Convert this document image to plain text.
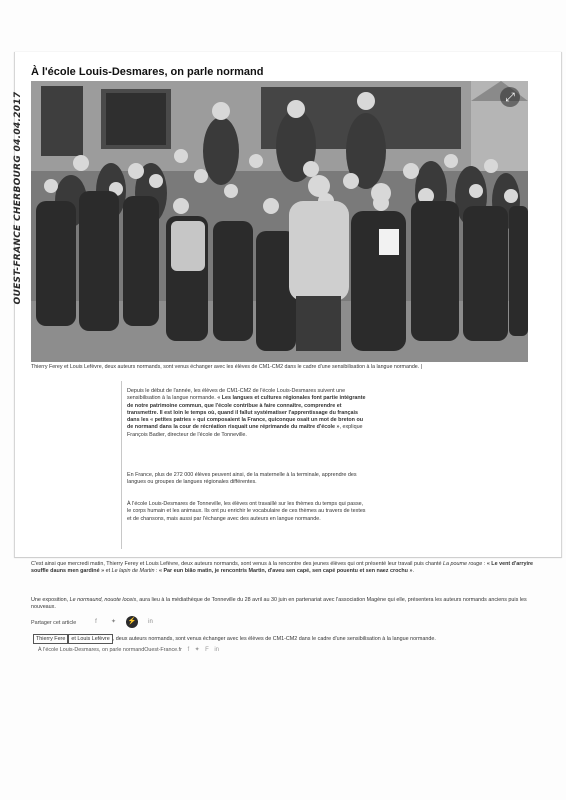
OUEST-FRANCE CHERBOURG 04.04.2017
À l'école Louis-Desmares, on parle normand
⤢
Thierry Ferey et Louis Lefèvre, deux auteurs normands, sont venus échanger avec les élèves de CM1-CM2 dans le cadre d'une sensibilisation à la langue normande. |

Depuis le début de l'année, les élèves de CM1-CM2 de l'école Louis-Desmares suivent une sensibilisation à la langue normande. « Les langues et cultures régionales font partie intégrante de notre patrimoine commun, que l'école contribue à faire connaître, comprendre et transmettre. Il est loin le temps où, quand il fallut systématiser l'apprentissage du français dans les « petites patries » qui composaient la France, quiconque osait un mot de breton ou de normand dans la cour de récréation risquait une réprimande du maître d'école », explique François Badier, directeur de l'école de Tonneville.

En France, plus de 272 000 élèves peuvent ainsi, de la maternelle à la terminale, apprendre des langues ou groupes de langues régionales différentes.

À l'école Louis-Desmares de Tonneville, les élèves ont travaillé sur les thèmes du temps qui passe, le corps humain et les animaux. Ils ont pu enrichir le vocabulaire de ces thèmes au travers de textes et de chansons, mais aussi par l'échange avec des auteurs en langue normande.

C'est ainsi que mercredi matin, Thierry Ferey et Louis Lefèvre, deux auteurs normands, sont venus à la rencontre des jeunes élèves qui ont présenté leur travail puis chanté La poume rouge : « Le vent d'arryire souffle dauns men gardiné » et Le lapin de Martin : « Par eun biâo matin, je rencontris Martin, d'aveu sen capé, sen capé pouentu et sen naez crochu ».

Une exposition, Le normaund, nouote loceis, aura lieu à la médiathèque de Tonneville du 28 avril au 30 juin en partenariat avec l'association Magène qui elle, présentera les auteurs normands anciens puis les nouveaux.

Partager cet article	f ✦ ⚡ in
Thierry Fere et Louis Lefèvre , deux auteurs normands, sont venus échanger avec les élèves de CM1-CM2 dans le cadre d'une sensibilisation à la langue normande.
À l'école Louis-Desmares, on parle normandOuest-France.fr f ✦ F in
